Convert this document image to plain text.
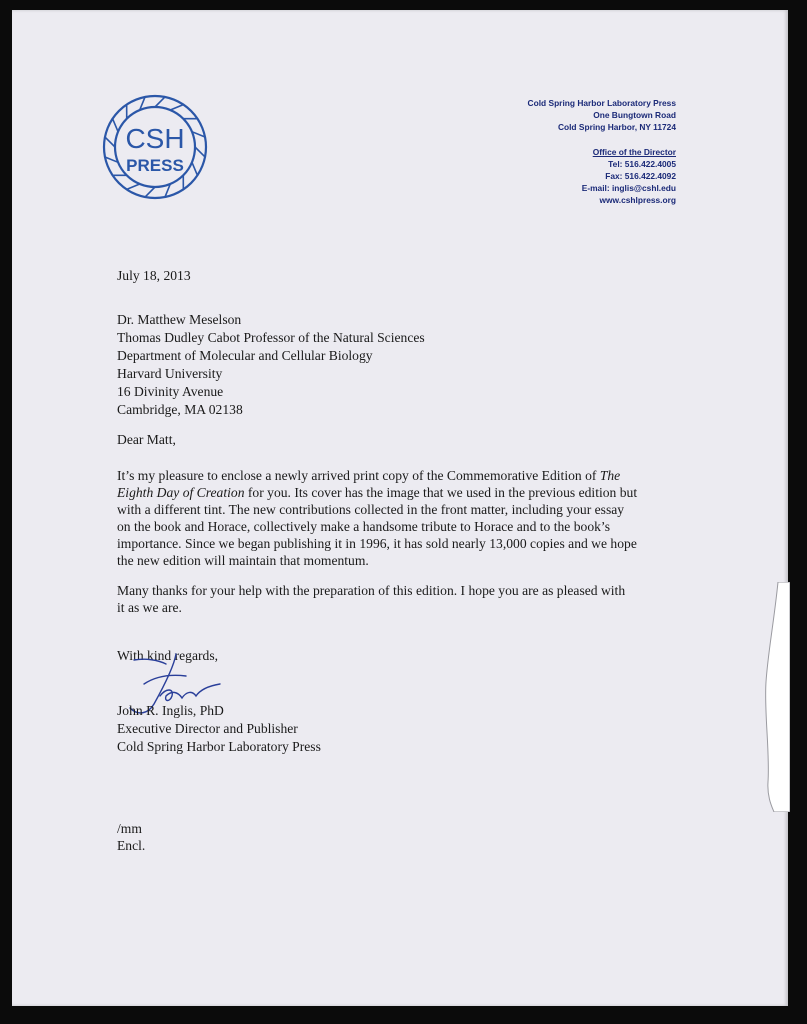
CSH
PRESS
Cold Spring Harbor Laboratory Press
One Bungtown Road
Cold Spring Harbor, NY 11724
Office of the Director
Tel: 516.422.4005
Fax: 516.422.4092
E-mail: inglis@cshl.edu
www.cshlpress.org
July 18, 2013
Dr. Matthew Meselson
Thomas Dudley Cabot Professor of the Natural Sciences
Department of Molecular and Cellular Biology
Harvard University
16 Divinity Avenue
Cambridge, MA 02138
Dear Matt,
It’s my pleasure to enclose a newly arrived print copy of the Commemorative Edition of The
Eighth Day of Creation for you. Its cover has the image that we used in the previous edition but
with a different tint. The new contributions collected in the front matter, including your essay
on the book and Horace, collectively make a handsome tribute to Horace and to the book’s
importance. Since we began publishing it in 1996, it has sold nearly 13,000 copies and we hope
the new edition will maintain that momentum.
Many thanks for your help with the preparation of this edition. I hope you are as pleased with
it as we are.
With kind regards,
John R. Inglis, PhD
Executive Director and Publisher
Cold Spring Harbor Laboratory Press
/mm
Encl.
